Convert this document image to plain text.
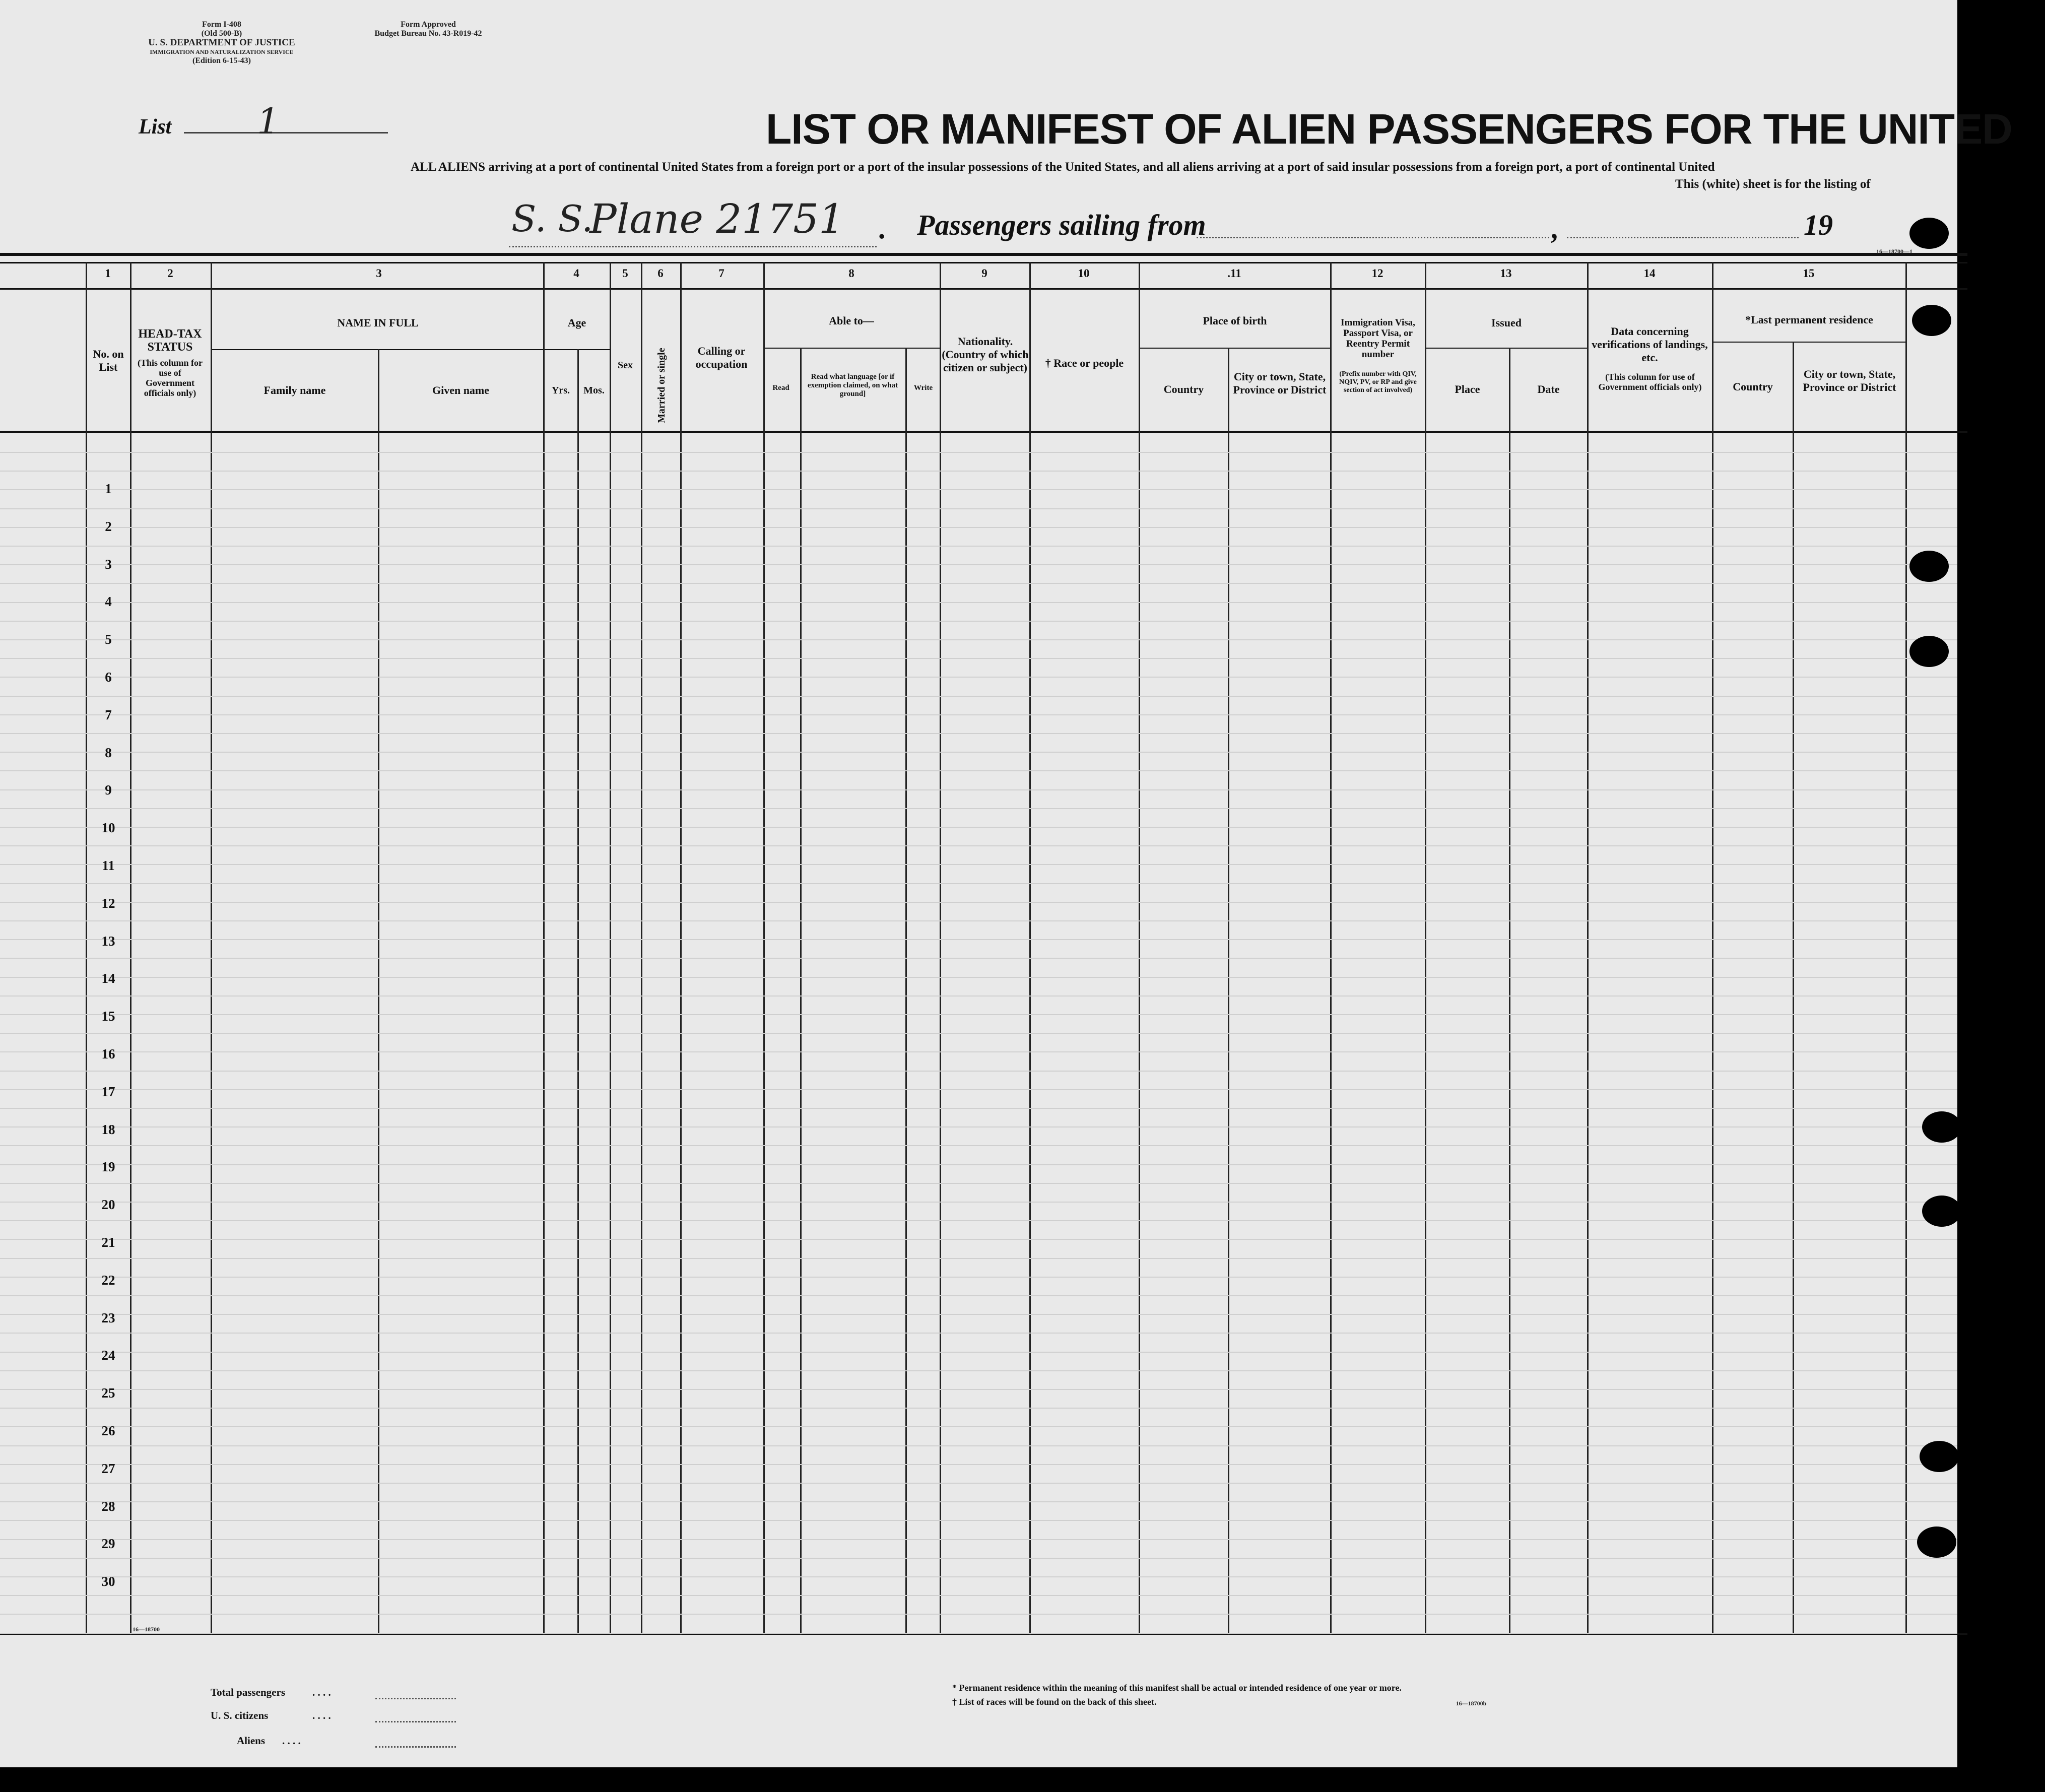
Form I-408
(Old 500-B)
U. S. DEPARTMENT OF JUSTICE
IMMIGRATION AND NATURALIZATION SERVICE
(Edition 6-15-43)
Form Approved
Budget Bureau No. 43-R019-42
List 1	LIST OR MANIFEST OF ALIEN PASSENGERS FOR THE UNITED
ALL ALIENS arriving at a port of continental United States from a foreign port or a port of the insular possessions of the United States, and all aliens arriving at a port of said insular possessions from a foreign port, a port of continental United
This (white) sheet is for the listing of
S. S.
Plane 21751 . Passengers sailing from	,	19
1	2	3	4	5	6	7	8	9	10	.11	12	13	14	15
No. on List
HEAD-TAX STATUS
(This column for use of Government officials only)
NAME IN FULL
Family name	Given name
Age
Yrs.	Mos.
Sex	Married or single	Calling or occupation
Able to—
Read
Read what language [or if exemption claimed, on what ground]
Write
Nationality. (Country of which citizen or subject)	† Race or people
Place of birth
Country
City or town, State, Province or District
Immigration Visa, Passport Visa, or Reentry Permit number
(Prefix number with QIV, NQIV, PV, or RP and give section of act involved)
Issued
Place	Date
Data concerning verifications of landings, etc.
(This column for use of Government officials only)
*Last permanent residence
Country
City or town, State, Province or District
16—18700—1
1
2
3
4
5
6
7
8
9
10
11
12
13
14
15
16
17
18
19
20
21
22
23
24
25
26
27
28
29
30
16—18700
Total passengers	. . . .
U. S. citizens	. . . .
Aliens . . . .
* Permanent residence within the meaning of this manifest shall be actual or intended residence of one year or more.
† List of races will be found on the back of this sheet.	16—18700b
